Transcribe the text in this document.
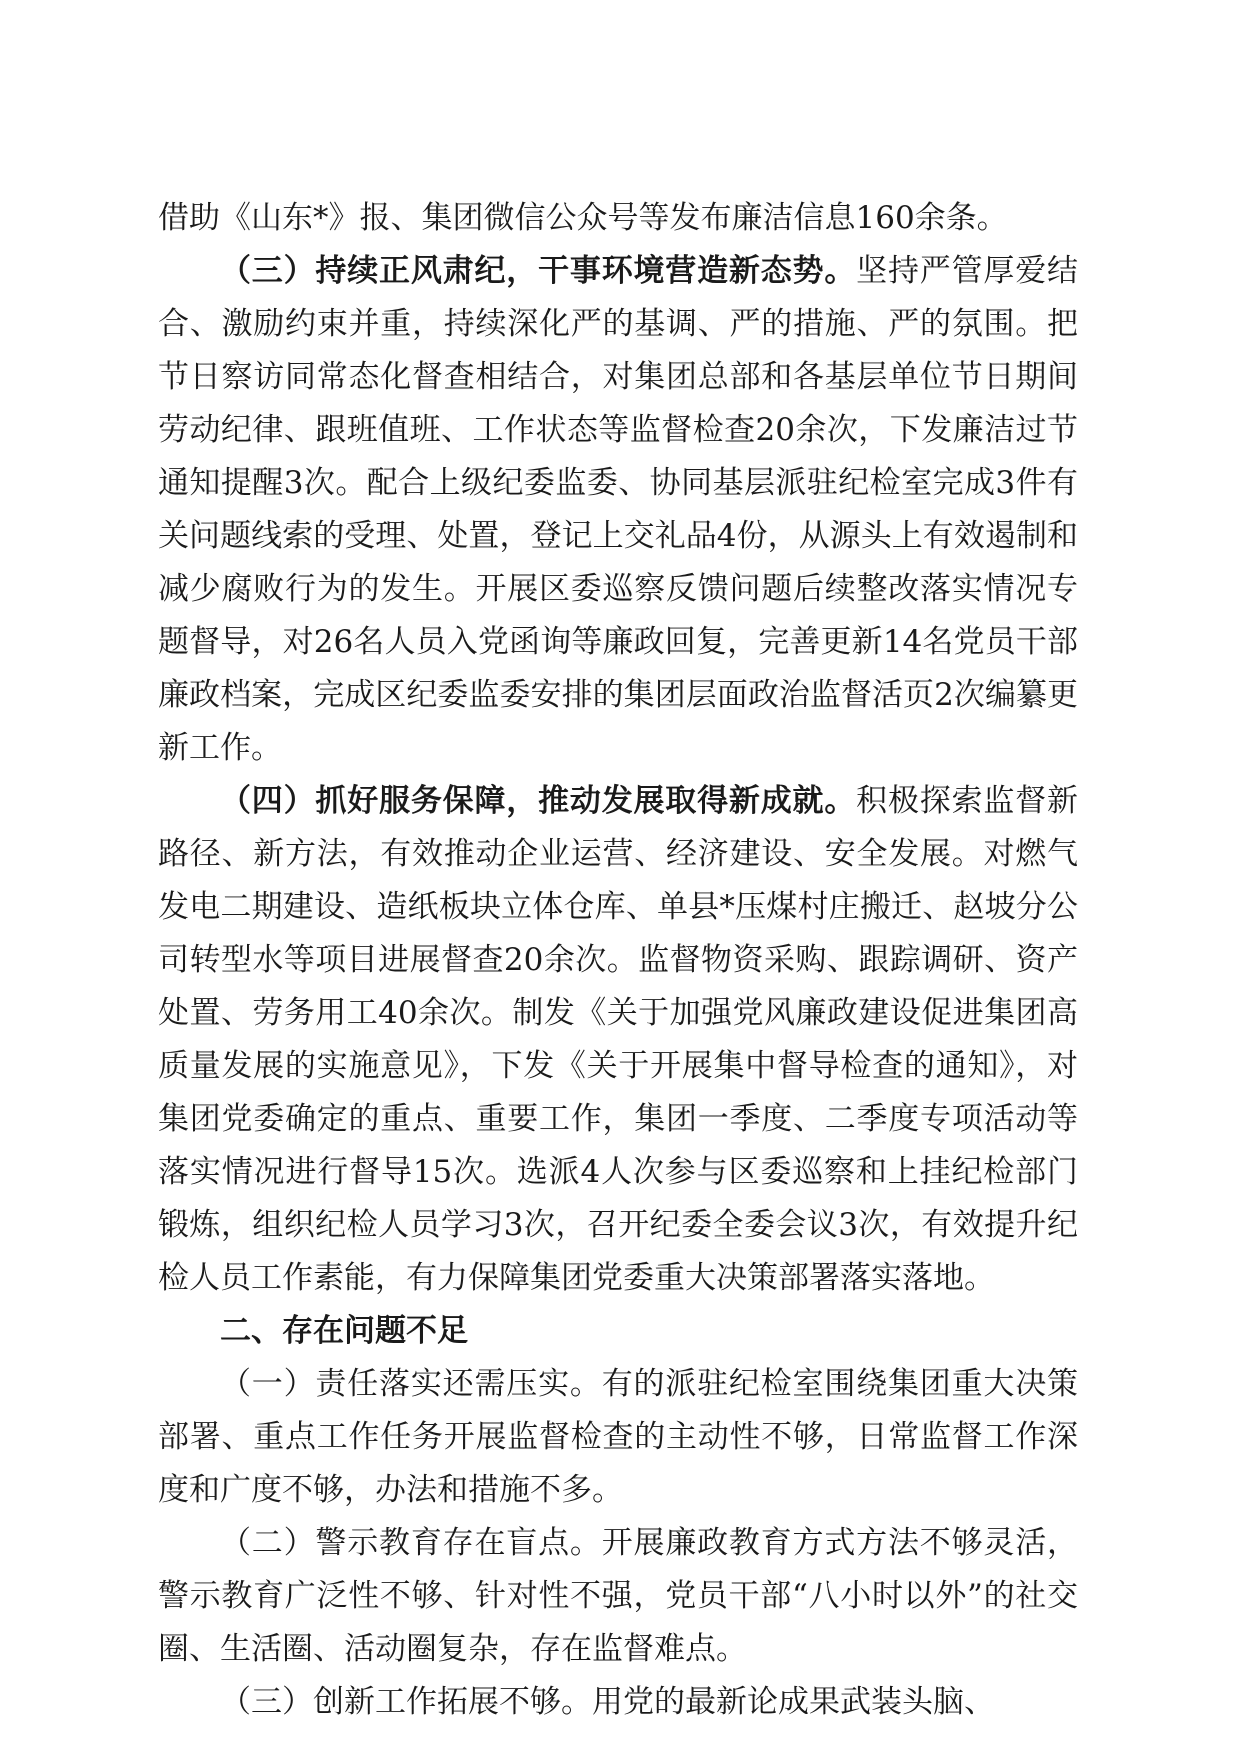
借助《山东*》报、集团微信公众号等发布廉洁信息160余条。

（三）持续正风肃纪，干事环境营造新态势。坚持严管厚爱结合、激励约束并重，持续深化严的基调、严的措施、严的氛围。把节日察访同常态化督查相结合，对集团总部和各基层单位节日期间劳动纪律、跟班值班、工作状态等监督检查20余次，下发廉洁过节通知提醒3次。配合上级纪委监委、协同基层派驻纪检室完成3件有关问题线索的受理、处置，登记上交礼品4份，从源头上有效遏制和减少腐败行为的发生。开展区委巡察反馈问题后续整改落实情况专题督导，对26名人员入党函询等廉政回复，完善更新14名党员干部廉政档案，完成区纪委监委安排的集团层面政治监督活页2次编纂更新工作。

（四）抓好服务保障，推动发展取得新成就。积极探索监督新路径、新方法，有效推动企业运营、经济建设、安全发展。对燃气发电二期建设、造纸板块立体仓库、单县*压煤村庄搬迁、赵坡分公司转型水等项目进展督查20余次。监督物资采购、跟踪调研、资产处置、劳务用工40余次。制发《关于加强党风廉政建设促进集团高质量发展的实施意见》，下发《关于开展集中督导检查的通知》，对集团党委确定的重点、重要工作，集团一季度、二季度专项活动等落实情况进行督导15次。选派4人次参与区委巡察和上挂纪检部门锻炼，组织纪检人员学习3次，召开纪委全委会议3次，有效提升纪检人员工作素能，有力保障集团党委重大决策部署落实落地。

二、存在问题不足

（一）责任落实还需压实。有的派驻纪检室围绕集团重大决策部署、重点工作任务开展监督检查的主动性不够，日常监督工作深度和广度不够，办法和措施不多。

（二）警示教育存在盲点。开展廉政教育方式方法不够灵活，警示教育广泛性不够、针对性不强，党员干部“八小时以外”的社交圈、生活圈、活动圈复杂，存在监督难点。

（三）创新工作拓展不够。用党的最新论成果武装头脑、
